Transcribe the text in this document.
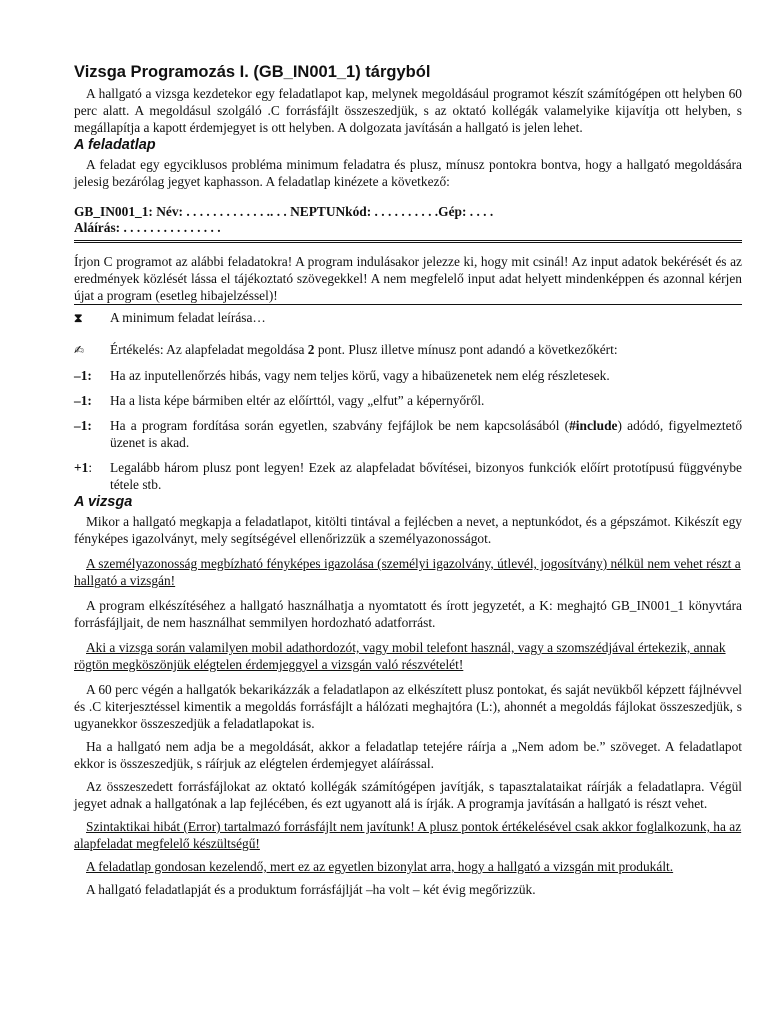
Vizsga Programozás I. (GB_IN001_1) tárgyból

A hallgató a vizsga kezdetekor egy feladatlapot kap, melynek megoldásául programot készít számítógépen ott helyben 60 perc alatt. A megoldásul szolgáló .C forrásfájlt összeszedjük, s az oktató kollégák valamelyike kijavítja ott helyben, s megállapítja a kapott érdemjegyet is ott helyben. A dolgozata javításán a hallgató is jelen lehet.

A feladatlap

A feladat egy egyciklusos probléma minimum feladatra és plusz, mínusz pontokra bontva, hogy a hallgató megoldására jelesig bezárólag jegyet kaphasson. A feladatlap kinézete a következő:

GB_IN001_1: Név: . . . . . . . . . . . . .. . . NEPTUNkód: . . . . . . . . . .Gép: . . . .

Aláírás: . . . . . . . . . . . . . . .

Írjon C programot az alábbi feladatokra! A program indulásakor jelezze ki, hogy mit csinál! Az input adatok bekérését és az eredmények közlését lássa el tájékoztató szövegekkel! A nem megfelelő input adat helyett mindenképpen és azonnal kérjen újat a program (esetleg hibajelzéssel)!

⧗	A minimum feladat leírása…
✍	Értékelés: Az alapfeladat megoldása 2 pont. Plusz illetve mínusz pont adandó a következőkért:
–1:	Ha az inputellenőrzés hibás, vagy nem teljes körű, vagy a hibaüzenetek nem elég részletesek.
–1:	Ha a lista képe bármiben eltér az előírttól, vagy „elfut” a képernyőről.
–1:	Ha a program fordítása során egyetlen, szabvány fejfájlok be nem kapcsolásából (#include) adódó, figyelmeztető üzenet is akad.
+1:	Legalább három plusz pont legyen! Ezek az alapfeladat bővítései, bizonyos funkciók előírt prototípusú függvénybe tétele stb.
A vizsga

Mikor a hallgató megkapja a feladatlapot, kitölti tintával a fejlécben a nevet, a neptunkódot, és a gépszámot. Kikészít egy fényképes igazolványt, mely segítségével ellenőrizzük a személyazonosságot.

A személyazonosság megbízható fényképes igazolása (személyi igazolvány, útlevél, jogosítvány) nélkül nem vehet részt a hallgató a vizsgán!

A program elkészítéséhez a hallgató használhatja a nyomtatott és írott jegyzetét, a K: meghajtó GB_IN001_1 könyvtára forrásfájljait, de nem használhat semmilyen hordozható adatforrást.

Aki a vizsga során valamilyen mobil adathordozót, vagy mobil telefont használ, vagy a szomszédjával értekezik, annak rögtön megköszönjük elégtelen érdemjeggyel a vizsgán való részvételét!

A 60 perc végén a hallgatók bekarikázzák a feladatlapon az elkészített plusz pontokat, és saját nevükből képzett fájlnévvel és .C kiterjesztéssel kimentik a megoldás forrásfájlt a hálózati meghajtóra (L:), ahonnét a megoldás fájlokat összeszedjük, s ugyanekkor összeszedjük a feladatlapokat is.

Ha a hallgató nem adja be a megoldását, akkor a feladatlap tetejére ráírja a „Nem adom be.” szöveget. A feladatlapot ekkor is összeszedjük, s ráírjuk az elégtelen érdemjegyet aláírással.

Az összeszedett forrásfájlokat az oktató kollégák számítógépen javítják, s tapasztalataikat ráírják a feladatlapra. Végül jegyet adnak a hallgatónak a lap fejlécében, és ezt ugyanott alá is írják. A programja javításán a hallgató is részt vehet.

Szintaktikai hibát (Error) tartalmazó forrásfájlt nem javítunk! A plusz pontok értékelésével csak akkor foglalkozunk, ha az alapfeladat megfelelő készültségű!

A feladatlap gondosan kezelendő, mert ez az egyetlen bizonylat arra, hogy a hallgató a vizsgán mit produkált.

A hallgató feladatlapját és a produktum forrásfájlját –ha volt – két évig megőrizzük.
